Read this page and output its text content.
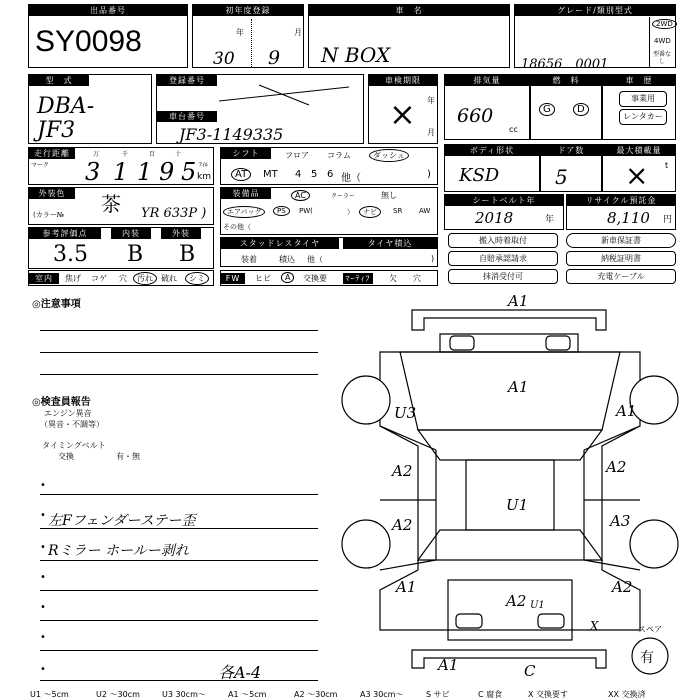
出品番号
SY0098
初年度登録
年	月
30 9
車　名
N BOX
グレード/類別型式
18656　0001
2WD
4WD
型番なし
型　式
DBA-JF3
登録番号
車台番号
JF3-1149335
車検期限
年
月
×
排気量
660
cc
燃　料
G	D
車　歴
事業用
レンタカー
走行距離
マーク
万	千	百	十
ｱｲﾙ
km
3 1 1 9 5
シフト	フロア コラム	ダッシュ
AT	MT 4 5 6 他（	)
ボディ形状
KSD
ドア数
5
最大積載量
× t
外装色
(カラー№ 茶 YR 633P )
装備品	AC	クーラー	無し
エアバッグ	PS	PW(	）	ナビ	SR AW
その他（
シートベルト年
2018	年
リサイクル預託金
8,110 円
参考評価点	内装	外装
3.5 B B	スタッドレスタイヤ	タイヤ積込
装着	積込 他（	)
搬入時着取付
自賠承認請求
抹消受付可
新車保証書
納税証明書
充電ケーブル
室内	焦げ コゲ 穴	汚れ	破れ	シミ	FW	ヒビ	A	交換要	ﾏｰﾃｨﾌ	欠 穴
◎注意事項
◎検査員報告
エンジン異音
（異音・不調等）
タイミングベルト
交換	有・無
•
• 左Fフェンダーステー歪
• Rミラー ホールー剥れ
•
•
•
•	各A-4
A1
A1
U1
U3	A1
A2
A2
A1
A2
A3
A2
A2 U1
X
A1	C
スペア
有
U1 ～5cm	U2 ～30cm	U3 30cm～	A1 ～5cm	A2 ～30cm	A3 30cm～	S サビ	C 腐食	X 交換要す	XX 交換済
